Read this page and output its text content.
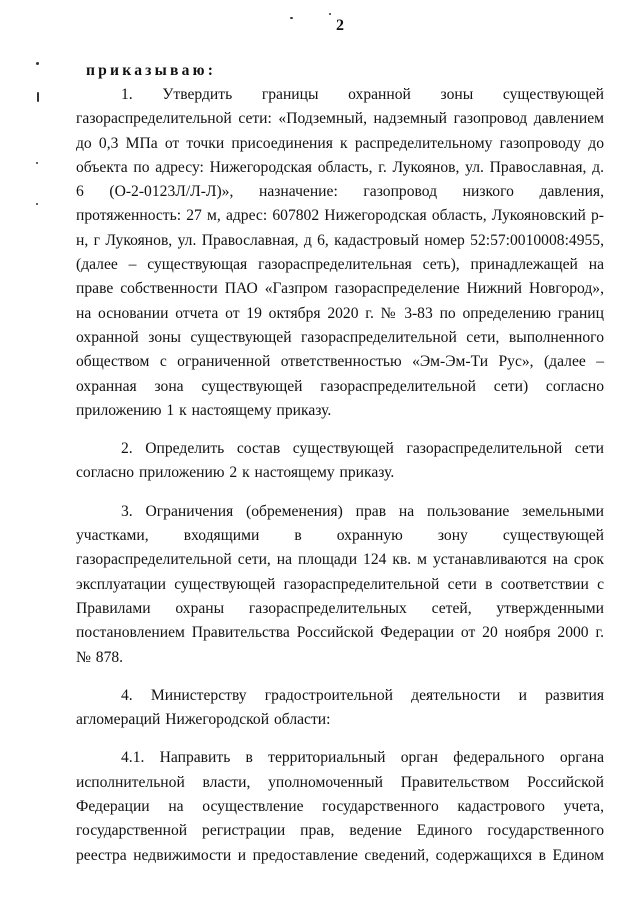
2
приказываю:

1. Утвердить границы охранной зоны существующей газораспределительной сети: «Подземный, надземный газопровод давлением до 0,3 МПа от точки присоединения к распределительному газопроводу до объекта по адресу: Нижегородская область, г. Лукоянов, ул. Православная, д. 6 (О-2-0123Л/Л-Л)», назначение: газопровод низкого давления, протяженность: 27 м, адрес: 607802 Нижегородская область, Лукояновский р-н, г Лукоянов, ул. Православная, д 6, кадастровый номер 52:57:0010008:4955, (далее – существующая газораспределительная сеть), принадлежащей на праве собственности ПАО «Газпром газораспределение Нижний Новгород», на основании отчета от 19 октября 2020 г. № 3-83 по определению границ охранной зоны существующей газораспределительной сети, выполненного обществом с ограниченной ответственностью «Эм-Эм-Ти Рус», (далее – охранная зона существующей газораспределительной сети) согласно приложению 1 к настоящему приказу.

2. Определить состав существующей газораспределительной сети согласно приложению 2 к настоящему приказу.

3. Ограничения (обременения) прав на пользование земельными участками, входящими в охранную зону существующей газораспределительной сети, на площади 124 кв. м устанавливаются на срок эксплуатации существующей газораспределительной сети в соответствии с Правилами охраны газораспределительных сетей, утвержденными постановлением Правительства Российской Федерации от 20 ноября 2000 г. № 878.

4. Министерству градостроительной деятельности и развития агломераций Нижегородской области:

4.1. Направить в территориальный орган федерального органа исполнительной власти, уполномоченный Правительством Российской Федерации на осуществление государственного кадастрового учета, государственной регистрации прав, ведение Единого государственного реестра недвижимости и предоставление сведений, содержащихся в Едином
